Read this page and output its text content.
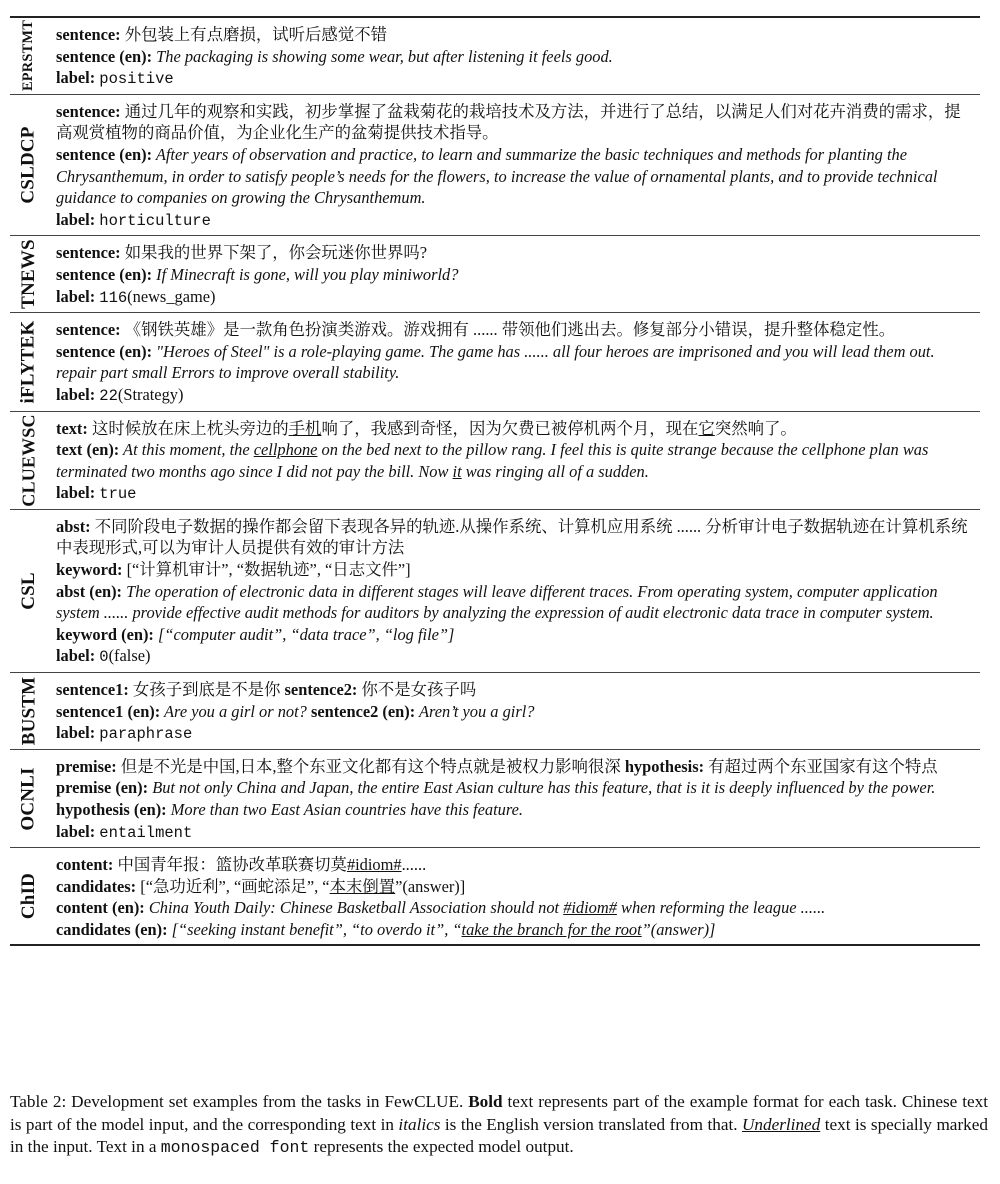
EPRSTMT sentence: 外包装上有点磨损，试听后感觉不错

sentence (en): The packaging is showing some wear, but after listening it feels good.

label: positive

CSLDCP

sentence: 通过几年的观察和实践，初步掌握了盆栽菊花的栽培技术及方法，并进行了总结，以满足人们对花卉消费的需求，提高观赏植物的商品价值，为企业化生产的盆菊提供技术指导。

sentence (en): After years of observation and practice, to learn and summarize the basic techniques and methods for planting the Chrysanthemum, in order to satisfy people’s needs for the flowers, to increase the value of ornamental plants, and to provide technical guidance to companies on growing the Chrysanthemum.

label: horticulture

TNEWS sentence: 如果我的世界下架了，你会玩迷你世界吗?

sentence (en): If Minecraft is gone, will you play miniworld?

label: 116(news_game)

iFLYTEK sentence: 《钢铁英雄》是一款角色扮演类游戏。游戏拥有 ...... 带领他们逃出去。修复部分小错误，提升整体稳定性。

sentence (en): "Heroes of Steel" is a role-playing game. The game has ...... all four heroes are imprisoned and you will lead them out. repair part small Errors to improve overall stability.

label: 22(Strategy)

CLUEWSC text: 这时候放在床上枕头旁边的手机响了，我感到奇怪，因为欠费已被停机两个月，现在它突然响了。

text (en): At this moment, the cellphone on the bed next to the pillow rang. I feel this is quite strange because the cellphone plan was terminated two months ago since I did not pay the bill. Now it was ringing all of a sudden.

label: true

CSL

abst: 不同阶段电子数据的操作都会留下表现各异的轨迹.从操作系统、计算机应用系统 ...... 分析审计电子数据轨迹在计算机系统中表现形式,可以为审计人员提供有效的审计方法

keyword: [“计算机审计”, “数据轨迹”, “日志文件”]

abst (en): The operation of electronic data in different stages will leave different traces. From operating system, computer application system ...... provide effective audit methods for auditors by analyzing the expression of audit electronic data trace in computer system.

keyword (en): [“computer audit”, “data trace”, “log file”]

label: 0(false)

BUSTM sentence1: 女孩子到底是不是你 sentence2: 你不是女孩子吗

sentence1 (en): Are you a girl or not? sentence2 (en): Aren’t you a girl?

label: paraphrase

OCNLI

premise: 但是不光是中国,日本,整个东亚文化都有这个特点就是被权力影响很深 hypothesis: 有超过两个东亚国家有这个特点

premise (en): But not only China and Japan, the entire East Asian culture has this feature, that is it is deeply influenced by the power. hypothesis (en): More than two East Asian countries have this feature.

label: entailment

ChID

content: 中国青年报：篮协改革联赛切莫#idiom#......

candidates: [“急功近利”, “画蛇添足”, “本末倒置”(answer)]

content (en): China Youth Daily: Chinese Basketball Association should not #idiom# when reforming the league ......

candidates (en): [“seeking instant benefit”, “to overdo it”, “take the branch for the root”(answer)]

Table 2: Development set examples from the tasks in FewCLUE. Bold text represents part of the example format for each task. Chinese text is part of the model input, and the corresponding text in italics is the English version translated from that. Underlined text is specially marked in the input. Text in a monospaced font represents the expected model output.
